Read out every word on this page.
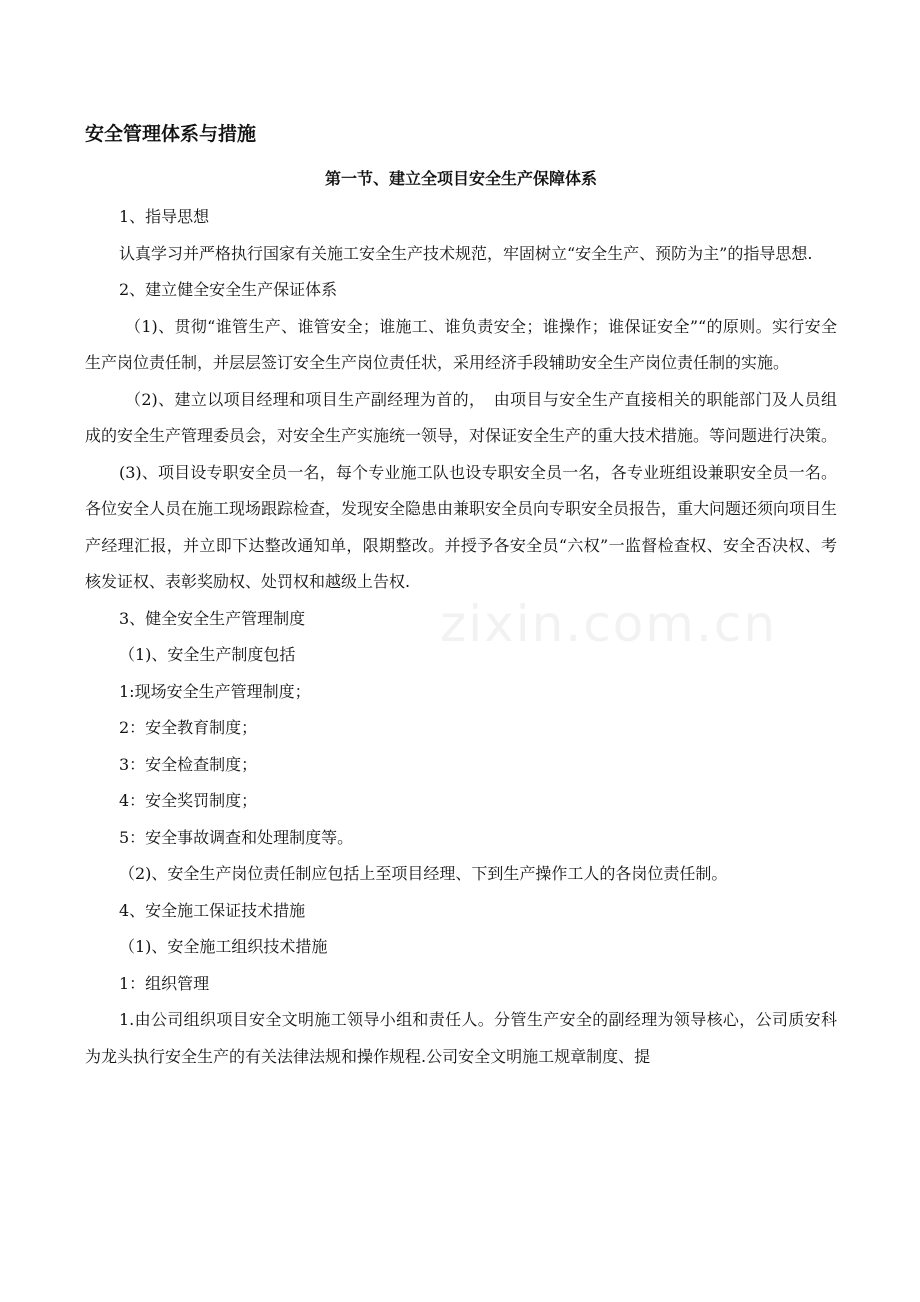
zixin.com.cn
安全管理体系与措施
第一节、建立全项目安全生产保障体系

1、指导思想

认真学习并严格执行国家有关施工安全生产技术规范，牢固树立“安全生产、预防为主”的指导思想.

2、建立健全安全生产保证体系

（1)、贯彻“谁管生产、谁管安全；谁施工、谁负责安全；谁操作；谁保证安全”“的原则。实行安全生产岗位责任制，并层层签订安全生产岗位责任状，采用经济手段辅助安全生产岗位责任制的实施。

（2)、建立以项目经理和项目生产副经理为首的，　由项目与安全生产直接相关的职能部门及人员组成的安全生产管理委员会，对安全生产实施统一领导，对保证安全生产的重大技术措施。等问题进行决策。

(3)、项目设专职安全员一名，每个专业施工队也设专职安全员一名，各专业班组设兼职安全员一名。各位安全人员在施工现场跟踪检查，发现安全隐患由兼职安全员向专职安全员报告，重大问题还须向项目生产经理汇报，并立即下达整改通知单，限期整改。并授予各安全员“六权”一监督检查权、安全否决权、考核发证权、表彰奖励权、处罚权和越级上告权.

3、健全安全生产管理制度

（1)、安全生产制度包括

1:现场安全生产管理制度；

2：安全教育制度；

3：安全检查制度；

4：安全奖罚制度；

5：安全事故调查和处理制度等。

（2)、安全生产岗位责任制应包括上至项目经理、下到生产操作工人的各岗位责任制。

4、安全施工保证技术措施

（1)、安全施工组织技术措施

1：组织管理

1.由公司组织项目安全文明施工领导小组和责任人。分管生产安全的副经理为领导核心，公司质安科为龙头执行安全生产的有关法律法规和操作规程.公司安全文明施工规章制度、提
